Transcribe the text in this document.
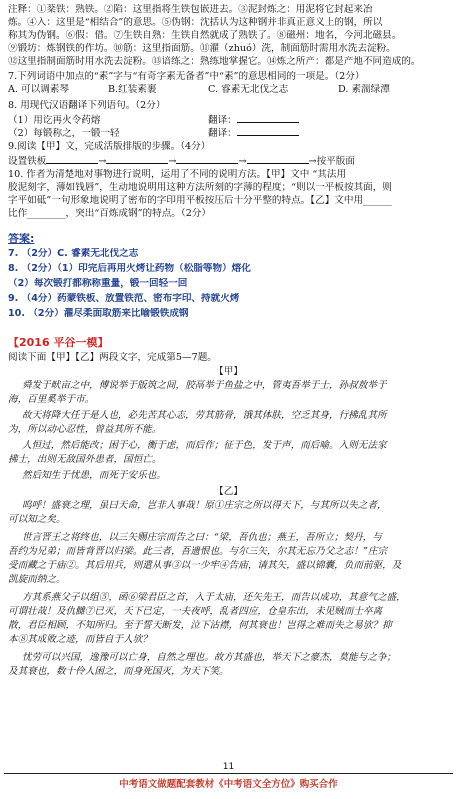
注释：①棻铁：熟铁。②陷：这里指将生铁包嵌进去。③泥封炼之：用泥将它封起来冶
炼。④入：这里是“相结合”的意思。⑤伪钢：沈括认为这种钢并非真正意义上的钢，所以
称其为伪钢。⑥假：借。⑦生铁自熟：生铁自然就成了熟铁了。⑧磁州：地名，今河北磁县。
⑨锻坊：炼钢铁的作坊。⑩筋：这里指面筋。⑪濯（zhuó）洗，制面筋时需用水洗去淀粉。
⑫这里指制面筋时用水洗去淀粉。⑬谙练之：熟练地掌握它。⑭炼之所产：都是产地不同造成的。
7.下列词语中加点的“素”字与“有奇字素无备者”中“素”的意思相同的一项是。（2分）
A. 可以调素琴	B.红装素裹	C. 睿素无北伐之志	D. 素湍绿潭
8. 用现代汉语翻译下列语句。（2分）
（1）用讫再火令药熔	翻译：
（2）每锻称之，一锻一轻	翻译：
9.阅读【甲】文，完成活版排版的步骤。（4分）
设置铁板	→	→	→	→按平版面
10. 作者为清楚地对事物进行说明，运用了不同的说明方法。【甲】文中 “其法用
胶泥刻字，薄如钱唇”，生动地说明用这种方法所刻的字薄的程度；“则以一平板按其面，则
字平如砥”一句形象地说明了密布的字印用平板按压后十分平整的特点。【乙】文中用______
比作________，突出“百炼成钢”的特点。（2分）
答案:
7. （2分）C. 睿素无北伐之志
8. （2分）（1）印完后再用火烤让药物（松脂等物）熔化
（2）每次锻打都称称重量，锻一回轻一回
9. （4分）药蒙铁板、放置铁范、密布字印、持就火烤
10. （2分）濯尽柔面取筋来比喻锻铁成钢
【2016 平谷一模】
阅读下面【甲】【乙】两段文字，完成第5—7题。
【甲】
舜发于畎亩之中，傅说举于版筑之间，胶鬲举于鱼盐之中，管夷吾举于士，孙叔敖举于
海，百里奚举于市。
故天将降大任于是人也，必先苦其心志，劳其筋骨，饿其体肤，空乏其身，行拂乱其所
为，所以动心忍性，曾益其所不能。
人恒过，然后能改；困于心，衡于虑，而后作；征于色，发于声，而后喻。入则无法家
拂士，出则无敌国外患者，国恒亡。
然后知生于忧患，而死于安乐也。
【乙】
呜呼！盛衰之理，虽曰天命，岂非人事哉！原①庄宗之所以得天下，与其所以失之者，
可以知之矣。
世言晋王之将终也，以三矢赐庄宗而告之曰：“梁，吾仇也；燕王，吾所立；契丹，与
吾约为兄弟；而皆背晋以归梁。此三者，吾遗恨也。与尔三矢，尔其无忘乃父之志！”庄宗
受而藏之于庙②。其后用兵，则遣从事③以一少牢④告庙，请其矢，盛以锦囊，负而前驱，及
凯旋而纳之。
方其系燕父子以组⑤，函⑥梁君臣之首，入于太庙，还矢先王，而告以成功，其意气之盛，
可谓壮哉！及仇雠⑦已灭，天下已定，一夫夜呼，乱者四应，仓皇东出，未见贼而士卒离
散，君臣相顾，不知所归。至于誓天断发，泣下沾襟，何其衰也！岂得之难而失之易欤？抑
本⑧其成败之迹，而皆自于人欤？
忧劳可以兴国，逸豫可以亡身，自然之理也。故方其盛也，举天下之豪杰，莫能与之争；
及其衰也，数十伶人困之，而身死国灭，为天下笑。
11
中考语文做题配套教材《中考语文全方位》购买合作
